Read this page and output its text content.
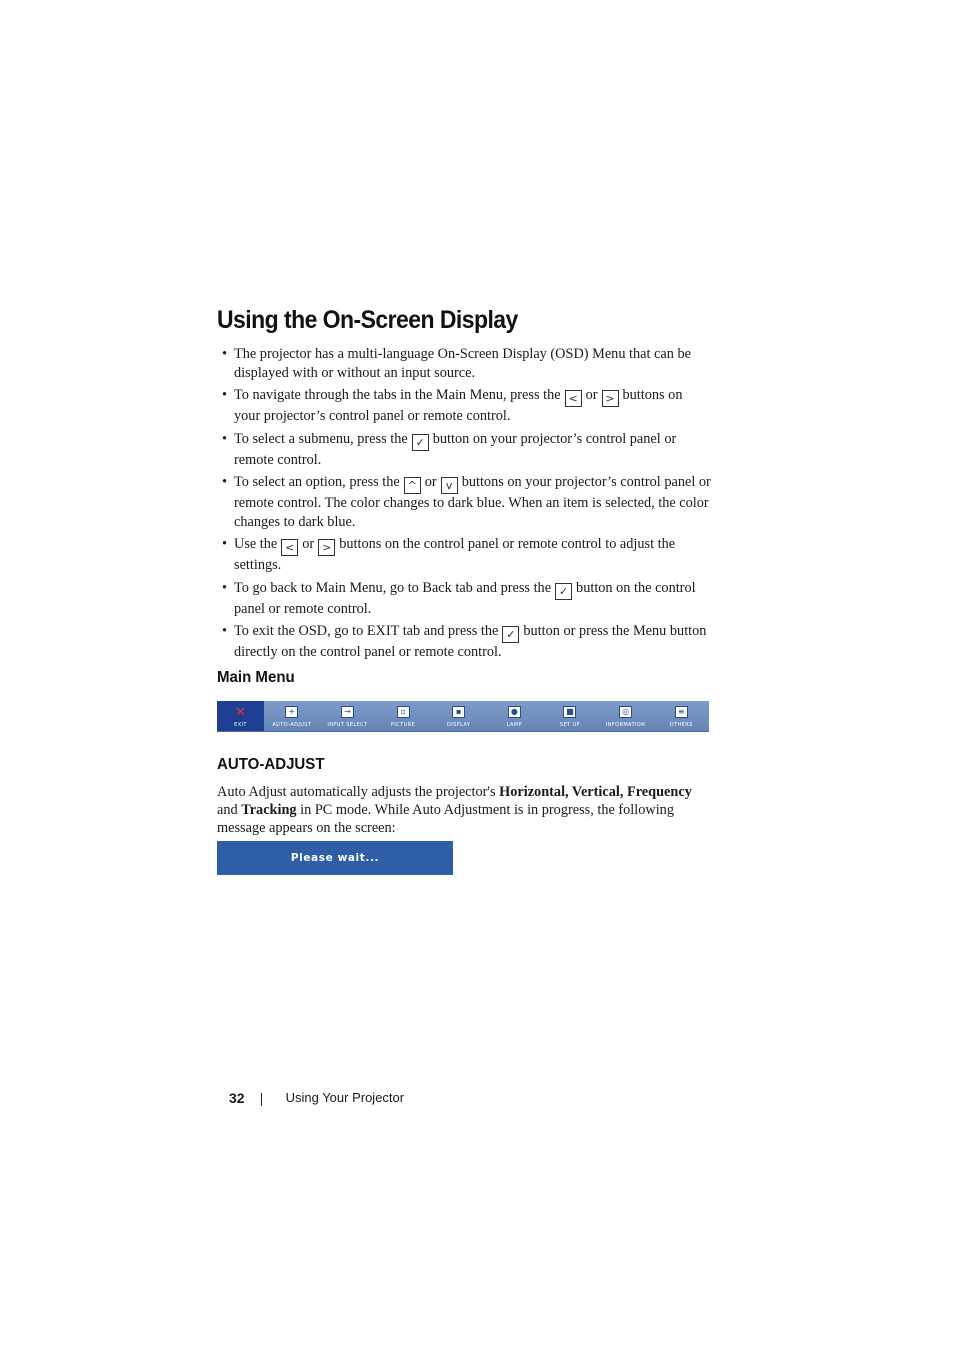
Using the On-Screen Display
• The projector has a multi-language On-Screen Display (OSD) Menu that can be displayed with or without an input source.
• To navigate through the tabs in the Main Menu, press the < or > buttons on your projector’s control panel or remote control.
• To select a submenu, press the ✓ button on your projector’s control panel or remote control.
• To select an option, press the ^ or v buttons on your projector’s control panel or remote control. The color changes to dark blue. When an item is selected, the color changes to dark blue.
• Use the < or > buttons on the control panel or remote control to adjust the settings.
• To go back to Main Menu, go to Back tab and press the ✓ button on the control panel or remote control.
• To exit the OSD, go to EXIT tab and press the ✓ button or press the Menu button directly on the control panel or remote control.
Main Menu
✕
EXIT
+
AUTO-ADJUST
→
INPUT SELECT
▫
PICTURE
▪
DISPLAY
●
LAMP
■
SET UP
◎
INFORMATION
≡
OTHERS
AUTO-ADJUST

Auto Adjust automatically adjusts the projector's Horizontal, Vertical, Frequency and Tracking in PC mode. While Auto Adjustment is in progress, the following message appears on the screen:

Please wait...
32	Using Your Projector
